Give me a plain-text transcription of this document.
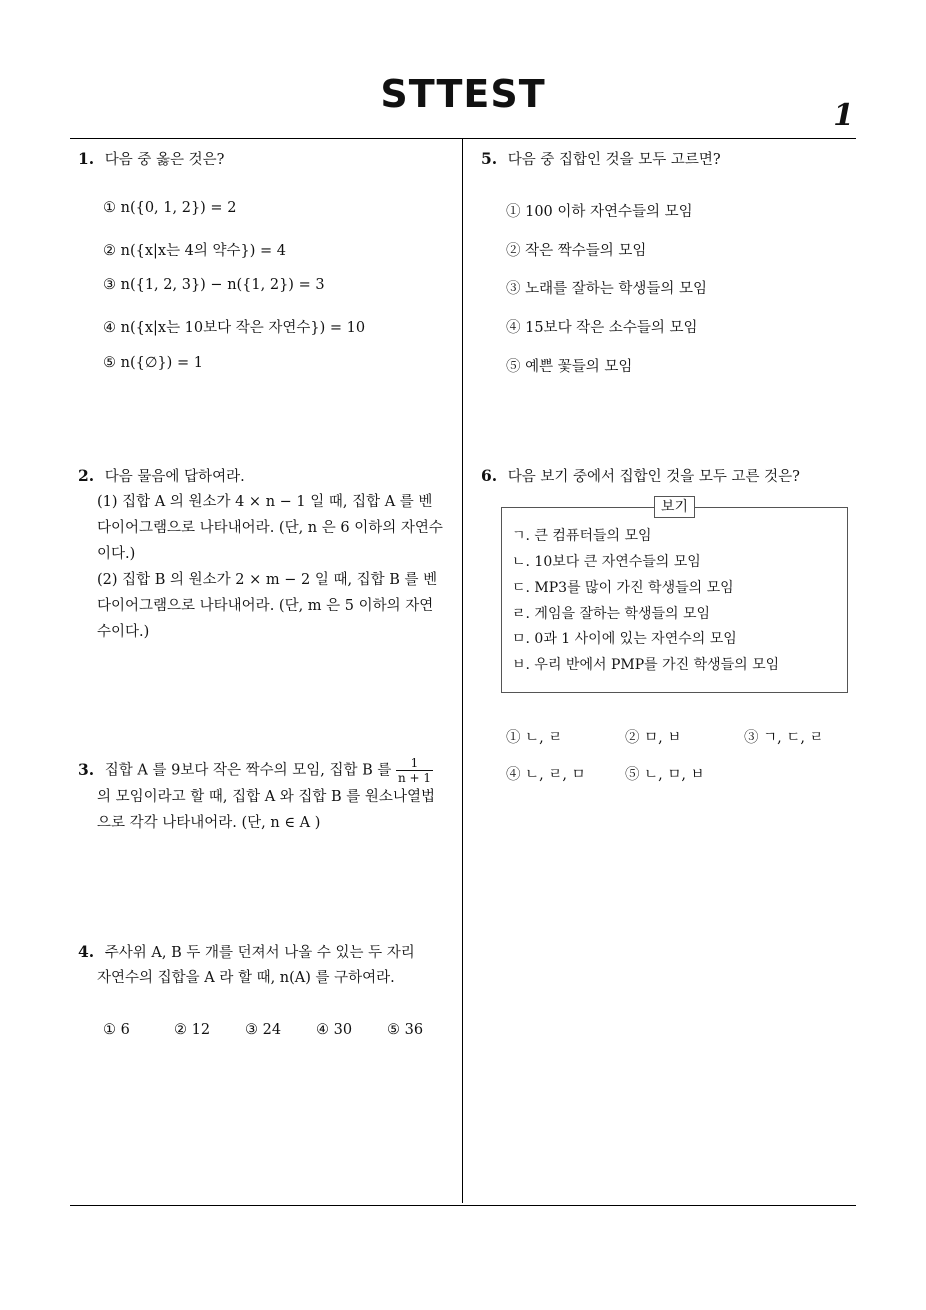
STTEST	1
1. 다음 중 옳은 것은?
① n({0, 1, 2}) = 2
② n({x|x는 4의 약수}) = 4
③ n({1, 2, 3}) − n({1, 2}) = 3
④ n({x|x는 10보다 작은 자연수}) = 10
⑤ n({∅}) = 1
2. 다음 물음에 답하여라.
(1) 집합 A 의 원소가 4 × n − 1 일 때, 집합 A 를 벤
다이어그램으로 나타내어라. (단, n 은 6 이하의 자연수
이다.)
(2) 집합 B 의 원소가 2 × m − 2 일 때, 집합 B 를 벤
다이어그램으로 나타내어라. (단, m 은 5 이하의 자연
수이다.)
3. 집합 A 를 9보다 작은 짝수의 모임, 집합 B 를 $\frac{1}{n + 1}$
의 모임이라고 할 때, 집합 A 와 집합 B 를 원소나열법
으로 각각 나타내어라. (단, n ∈ A )
4. 주사위 A, B 두 개를 던져서 나올 수 있는 두 자리
자연수의 집합을 A 라 할 때, n(A) 를 구하여라.
① 6	② 12 ③ 24 ④ 30 ⑤ 36
5. 다음 중 집합인 것을 모두 고르면?
① 100 이하 자연수들의 모임
② 작은 짝수들의 모임
③ 노래를 잘하는 학생들의 모임
④ 15보다 작은 소수들의 모임
⑤ 예쁜 꽃들의 모임
6. 다음 보기 중에서 집합인 것을 모두 고른 것은?
보기
ㄱ. 큰 컴퓨터들의 모임
ㄴ. 10보다 큰 자연수들의 모임
ㄷ. MP3를 많이 가진 학생들의 모임
ㄹ. 게임을 잘하는 학생들의 모임
ㅁ. 0과 1 사이에 있는 자연수의 모임
ㅂ. 우리 반에서 PMP를 가진 학생들의 모임
① ㄴ, ㄹ	② ㅁ, ㅂ	③ ㄱ, ㄷ, ㄹ
④ ㄴ, ㄹ, ㅁ	⑤ ㄴ, ㅁ, ㅂ
